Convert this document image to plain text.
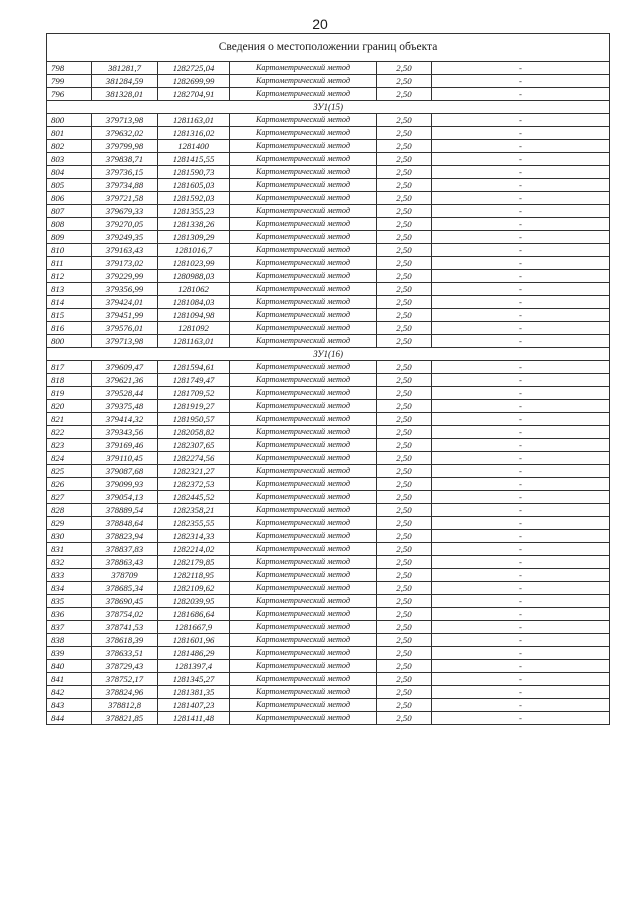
20
Сведения о местоположении границ объекта					
798	381281,7	1282725,04	Картометрический метод	2,50	-
799	381284,59	1282699,99	Картометрический метод	2,50	-
796	381328,01	1282704,91	Картометрический метод	2,50	-
ЗУ1(15)					
800	379713,98	1281163,01	Картометрический метод	2,50	-
801	379632,02	1281316,02	Картометрический метод	2,50	-
802	379799,98	1281400	Картометрический метод	2,50	-
803	379838,71	1281415,55	Картометрический метод	2,50	-
804	379736,15	1281590,73	Картометрический метод	2,50	-
805	379734,88	1281605,03	Картометрический метод	2,50	-
806	379721,58	1281592,03	Картометрический метод	2,50	-
807	379679,33	1281355,23	Картометрический метод	2,50	-
808	379270,05	1281338,26	Картометрический метод	2,50	-
809	379249,35	1281309,29	Картометрический метод	2,50	-
810	379163,43	1281016,7	Картометрический метод	2,50	-
811	379173,02	1281023,99	Картометрический метод	2,50	-
812	379229,99	1280988,03	Картометрический метод	2,50	-
813	379356,99	1281062	Картометрический метод	2,50	-
814	379424,01	1281084,03	Картометрический метод	2,50	-
815	379451,99	1281094,98	Картометрический метод	2,50	-
816	379576,01	1281092	Картометрический метод	2,50	-
800	379713,98	1281163,01	Картометрический метод	2,50	-
ЗУ1(16)					
817	379609,47	1281594,61	Картометрический метод	2,50	-
818	379621,36	1281749,47	Картометрический метод	2,50	-
819	379528,44	1281709,52	Картометрический метод	2,50	-
820	379375,48	1281919,27	Картометрический метод	2,50	-
821	379414,32	1281950,57	Картометрический метод	2,50	-
822	379343,56	1282058,82	Картометрический метод	2,50	-
823	379169,46	1282307,65	Картометрический метод	2,50	-
824	379110,45	1282274,56	Картометрический метод	2,50	-
825	379087,68	1282321,27	Картометрический метод	2,50	-
826	379099,93	1282372,53	Картометрический метод	2,50	-
827	379054,13	1282445,52	Картометрический метод	2,50	-
828	378889,54	1282358,21	Картометрический метод	2,50	-
829	378848,64	1282355,55	Картометрический метод	2,50	-
830	378823,94	1282314,33	Картометрический метод	2,50	-
831	378837,83	1282214,02	Картометрический метод	2,50	-
832	378863,43	1282179,85	Картометрический метод	2,50	-
833	378709	1282118,95	Картометрический метод	2,50	-
834	378685,34	1282109,62	Картометрический метод	2,50	-
835	378690,45	1282039,95	Картометрический метод	2,50	-
836	378754,02	1281686,64	Картометрический метод	2,50	-
837	378741,53	1281667,9	Картометрический метод	2,50	-
838	378618,39	1281601,96	Картометрический метод	2,50	-
839	378633,51	1281486,29	Картометрический метод	2,50	-
840	378729,43	1281397,4	Картометрический метод	2,50	-
841	378752,17	1281345,27	Картометрический метод	2,50	-
842	378824,96	1281381,35	Картометрический метод	2,50	-
843	378812,8	1281407,23	Картометрический метод	2,50	-
844	378821,85	1281411,48	Картометрический метод	2,50	-
